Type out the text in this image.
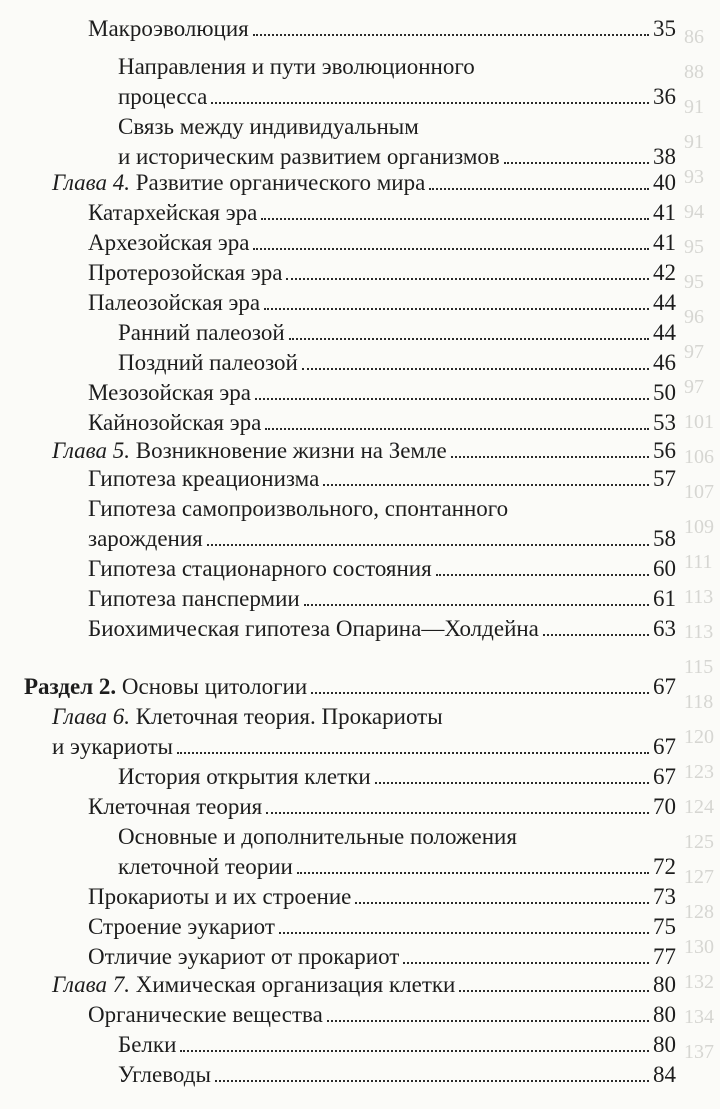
86
88
91
91
93
94
95
95
96
97
97
101
106
107
109
111
113
113
115
118
120
123
124
125
127
128
130
132
134
137
Макроэволюция	35
Направления и пути эволюционного
процесса	36
Связь между индивидуальным
и историческим развитием организмов	38
Глава 4. Развитие органического мира	40
Катархейская эра	41
Архезойская эра	41
Протерозойская эра	42
Палеозойская эра	44
Ранний палеозой	44
Поздний палеозой	46
Мезозойская эра	50
Кайнозойская эра	53
Глава 5. Возникновение жизни на Земле	56
Гипотеза креационизма	57
Гипотеза самопроизвольного, спонтанного
зарождения	58
Гипотеза стационарного состояния	60
Гипотеза панспермии	61
Биохимическая гипотеза Опарина—Холдейна	63
Раздел 2. Основы цитологии	67
Глава 6. Клеточная теория. Прокариоты
и эукариоты	67
История открытия клетки	67
Клеточная теория	70
Основные и дополнительные положения
клеточной теории	72
Прокариоты и их строение	73
Строение эукариот	75
Отличие эукариот от прокариот	77
Глава 7. Химическая организация клетки	80
Органические вещества	80
Белки	80
Углеводы	84
